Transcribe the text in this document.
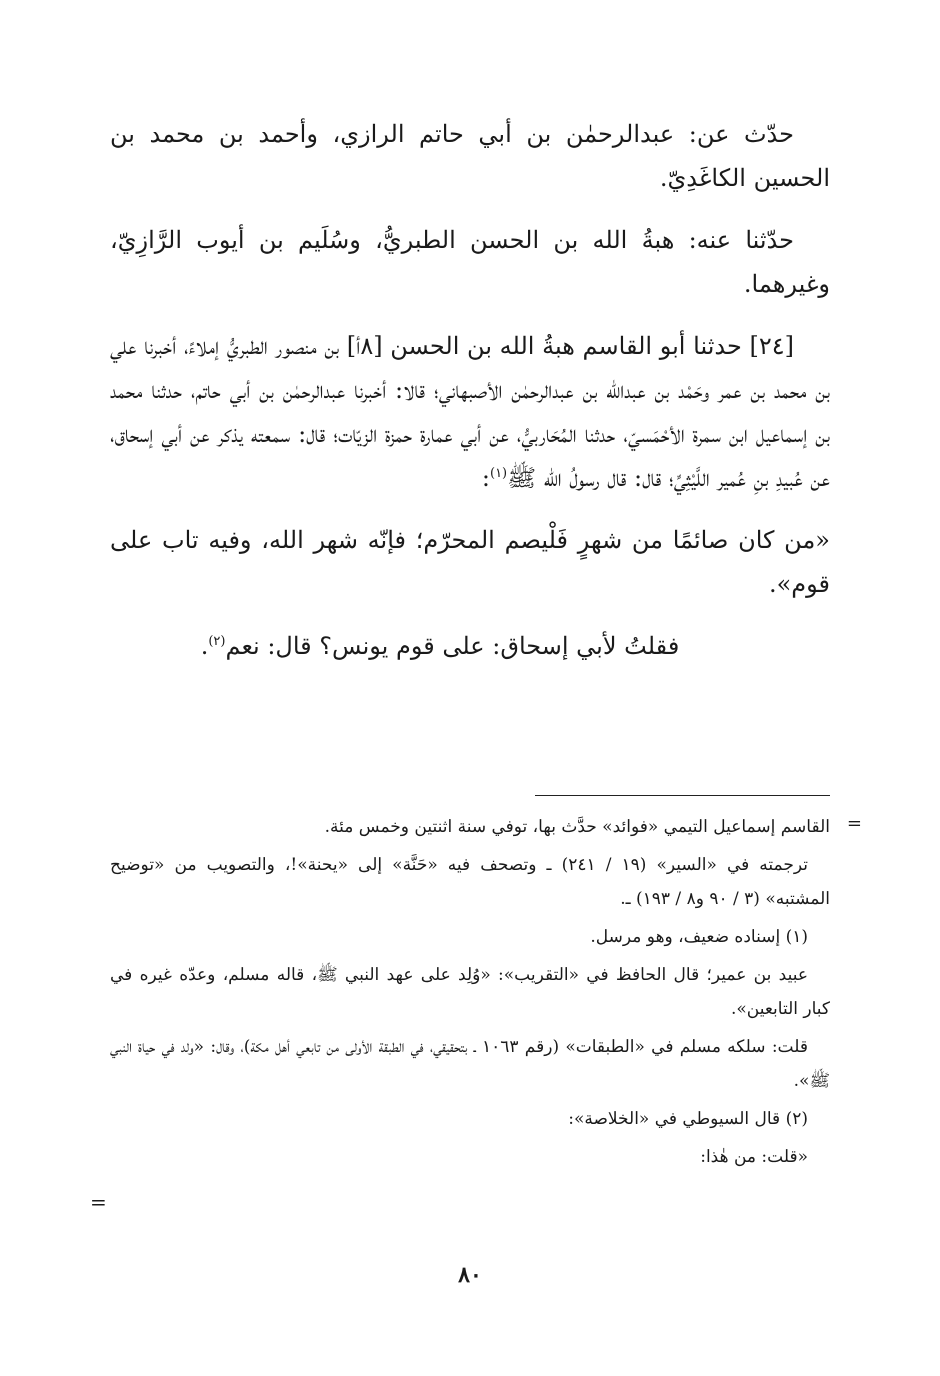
حدّث عن: عبدالرحمٰن بن أبي حاتم الرازي، وأحمد بن محمد بن الحسين الكاغَدِيّ.

حدّثنا عنه: هبةُ الله بن الحسن الطبريُّ، وسُلَيم بن أيوب الرَّازِيّ، وغيرهما.

[٢٤] حدثنا أبو القاسم هبةُ الله بن الحسن [٨أ] بن منصور الطبريُّ إملاءً، أخبرنا علي بن محمد بن عمر وحَمْد بن عبدالله بن عبدالرحمٰن الأصبهاني؛ قالا: أخبرنا عبدالرحمٰن بن أبي حاتم، حدثنا محمد بن إسماعيل ابن سمرة الأحْمَسيّ، حدثنا المُحَاربيُّ، عن أبي عمارة حمزة الزيّات؛ قال: سمعته يذكر عن أبي إسحاق، عن عُبيدِ بنِ عُمير اللَّيْثِيِّ؛ قال: قال رسولُ الله ﷺ$^{(١)}$:

«من كان صائمًا من شهرٍ فَلْيصم المحرّم؛ فإنّه شهر الله، وفيه تاب على قوم».

فقلتُ لأبي إسحاق: على قوم يونس؟ قال: نعم$^{(٢)}$.

=

القاسم إسماعيل التيمي «فوائد» حدَّث بها، توفي سنة اثنتين وخمس مئة.

ترجمته في «السير» (١٩ / ٢٤١) ـ وتصحف فيه «حَنَّة» إلى «يحنة»!، والتصويب من «توضيح المشتبه» (٣ / ٩٠ و٨ / ١٩٣) ـ.

(١) إسناده ضعيف، وهو مرسل.

عبيد بن عمير؛ قال الحافظ في «التقريب»: «وُلِد على عهد النبي ﷺ، قاله مسلم، وعدّه غيره في كبار التابعين».

قلت: سلكه مسلم في «الطبقات» (رقم ١٠٦٣ ـ بتحقيقي، في الطبقة الأولى من تابعي أهل مكة)، وقال: «ولد في حياة النبي ﷺ».

(٢) قال السيوطي في «الخلاصة»:

«قلت: من هٰذا:

=
٨٠
